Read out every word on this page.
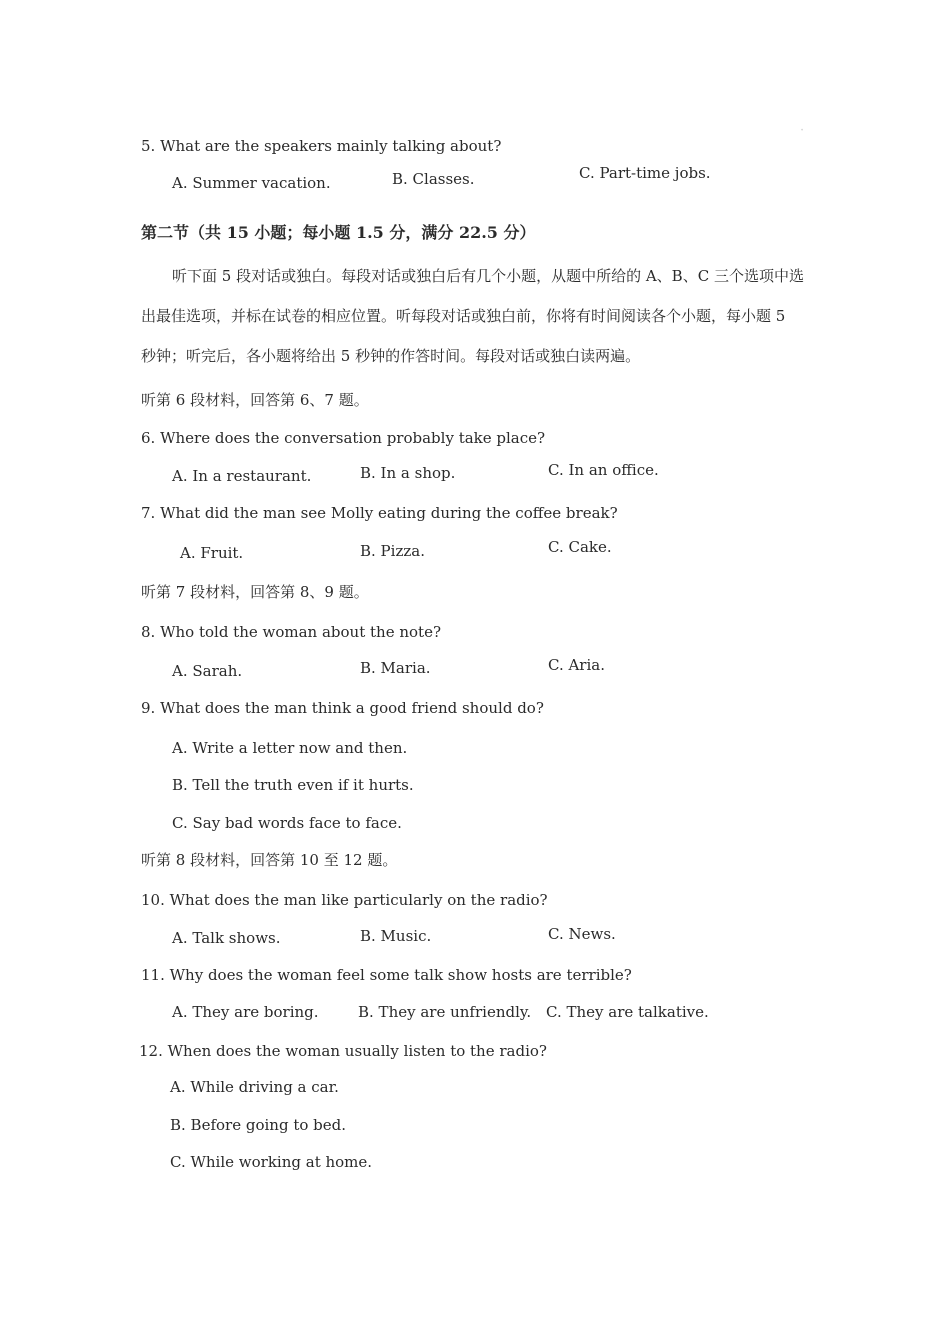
·
5. What are the speakers mainly talking about?
A. Summer vacation.	B. Classes.	C. Part-time jobs.
第二节（共 15 小题；每小题 1.5 分，满分 22.5 分）
听下面 5 段对话或独白。每段对话或独白后有几个小题，从题中所给的 A、B、C 三个选项中选
出最佳选项，并标在试卷的相应位置。听每段对话或独白前，你将有时间阅读各个小题，每小题 5
秒钟；听完后，各小题将给出 5 秒钟的作答时间。每段对话或独白读两遍。
听第 6 段材料，回答第 6、7 题。
6. Where does the conversation probably take place?
A. In a restaurant.	B. In a shop.	C. In an office.
7. What did the man see Molly eating during the coffee break?
A. Fruit.	B. Pizza.	C. Cake.
听第 7 段材料，回答第 8、9 题。
8. Who told the woman about the note?
A. Sarah.	B. Maria.	C. Aria.
9. What does the man think a good friend should do?
A. Write a letter now and then.
B. Tell the truth even if it hurts.
C. Say bad words face to face.
听第 8 段材料，回答第 10 至 12 题。
10. What does the man like particularly on the radio?
A. Talk shows.	B. Music.	C. News.
11. Why does the woman feel some talk show hosts are terrible?
A. They are boring.	B. They are unfriendly. C. They are talkative.
12. When does the woman usually listen to the radio?
A. While driving a car.
B. Before going to bed.
C. While working at home.
